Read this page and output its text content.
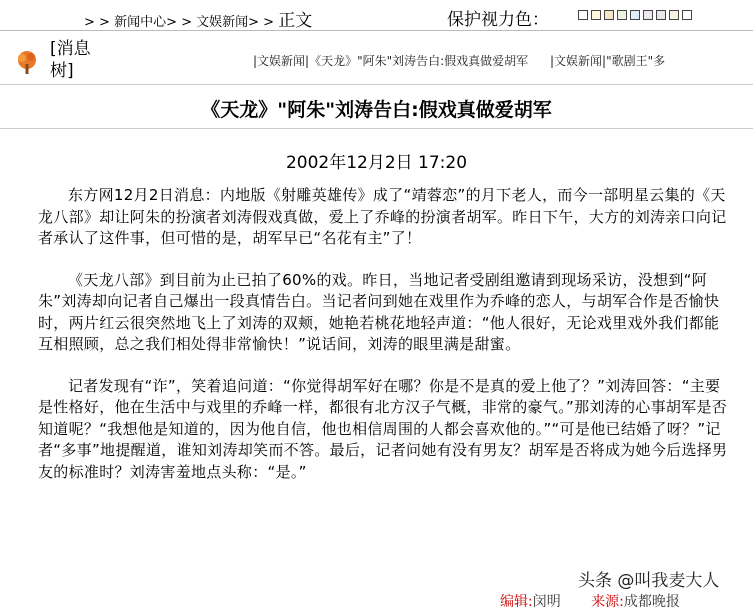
> > 新闻中心> > 文娱新闻> > 正文	保护视力色：
[消息树]	|文娱新闻|《天龙》"阿朱"刘涛告白:假戏真做爱胡军 |文娱新闻|"歌剧王"多
《天龙》"阿朱"刘涛告白:假戏真做爱胡军
2002年12月2日 17:20

东方网12月2日消息：内地版《射雕英雄传》成了“靖蓉恋”的月下老人，而今一部明星云集的《天龙八部》却让阿朱的扮演者刘涛假戏真做，爱上了乔峰的扮演者胡军。昨日下午，大方的刘涛亲口向记者承认了这件事，但可惜的是，胡军早已“名花有主”了！

《天龙八部》到目前为止已拍了60%的戏。昨日，当地记者受剧组邀请到现场采访，没想到“阿朱”刘涛却向记者自己爆出一段真情告白。当记者问到她在戏里作为乔峰的恋人，与胡军合作是否愉快时，两片红云很突然地飞上了刘涛的双颊，她艳若桃花地轻声道：“他人很好，无论戏里戏外我们都能互相照顾，总之我们相处得非常愉快！”说话间，刘涛的眼里满是甜蜜。

记者发现有“诈”，笑着追问道：“你觉得胡军好在哪？你是不是真的爱上他了？”刘涛回答：“主要是性格好，他在生活中与戏里的乔峰一样，都很有北方汉子气概，非常的豪气。”那刘涛的心事胡军是否知道呢？“我想他是知道的，因为他自信，他也相信周围的人都会喜欢他的。”“可是他已结婚了呀？”记者“多事”地提醒道，谁知刘涛却笑而不答。最后，记者问她有没有男友？胡军是否将成为她今后选择男友的标准时？刘涛害羞地点头称：“是。”

头条 @叫我麦大人
编辑:闵明 来源:成都晚报
